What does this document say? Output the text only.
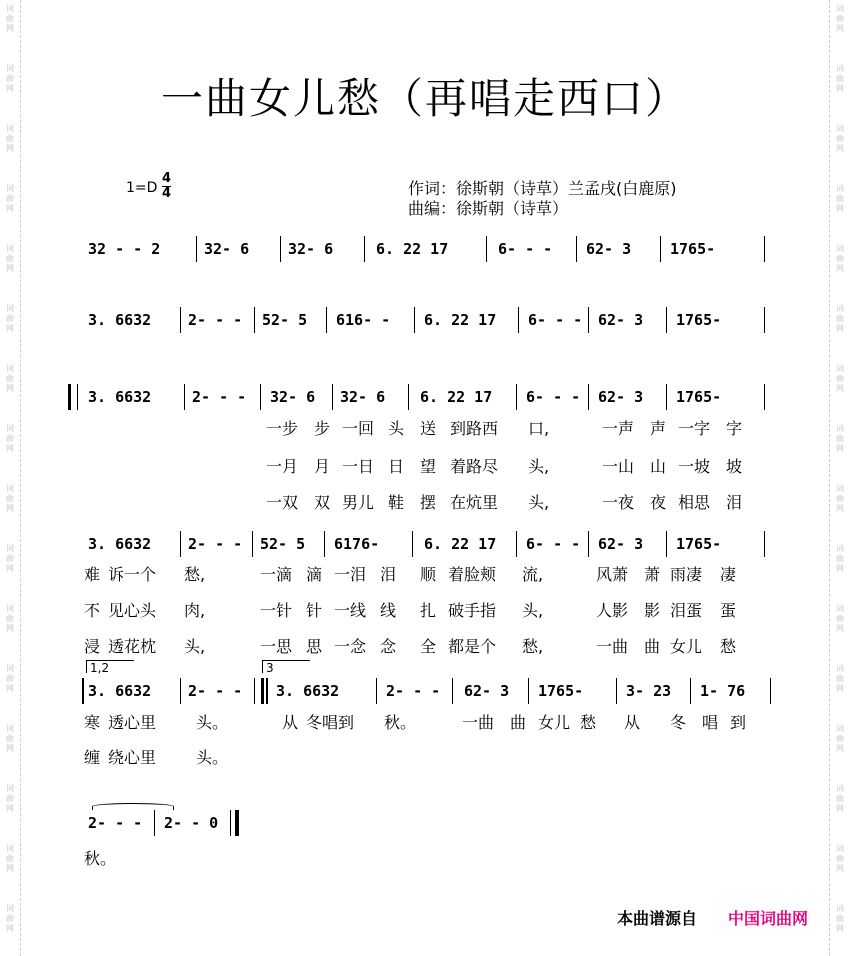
词
曲
网
词
曲
网
词
曲
网
词
曲
网
词
曲
网
词
曲
网
词
曲
网
词
曲
网
词
曲
网
词
曲
网
词
曲
网
词
曲
网
词
曲
网
词
曲
网
词
曲
网
词
曲
网
词
曲
网
词
曲
网
词
曲
网
词
曲
网
词
曲
网
词
曲
网
词
曲
网
词
曲
网
词
曲
网
词
曲
网
词
曲
网
词
曲
网
词
曲
网
词
曲
网
词
曲
网
词
曲
网
一曲女儿愁（再唱走西口）
1=D
4
4	作词：徐斯朝（诗草）兰孟戌(白鹿原)
曲编：徐斯朝（诗草）
32 - - 2	32- 6	32- 6	6. 22 17	6- - - 62- 3	1765-
3. 6632 2- - - 52- 5 616- - 6. 22 17 6- - - 62- 3 1765-
3. 6632	2- - - 32- 6 32- 6 6. 22 17 6- - - 62- 3 1765-
一步 步 一回 头 送 到路西 口,	一声 声 一字 字
一月 月 一日 日 望 着路尽 头,	一山 山 一坡 坡
一双 双 男儿 鞋 摆 在炕里 头,	一夜 夜 相思 泪
3. 6632 2- - - 52- 5 6176-	6. 22 17 6- - - 62- 3 1765-
难 诉一个 愁,	一滴 滴 一泪 泪 顺 着脸颊 流,	风萧 萧 雨凄 凄
不 见心头 肉,	一针 针 一线 线 扎 破手指 头,	人影 影 泪蛋 蛋
浸 透花枕 头,	一思 思 一念 念 全 都是个 愁,	一曲 曲 女儿 愁
1,2	3
3. 6632 2- - - 3. 6632	2- - - 62- 3 1765-	3- 23 1- 76
寒 透心里 头。	从 冬唱到 秋。	一曲 曲 女儿 愁 从 冬 唱 到
缠 绕心里 头。
2- - - 2- - 0
秋。
本曲谱源自 中国词曲网
